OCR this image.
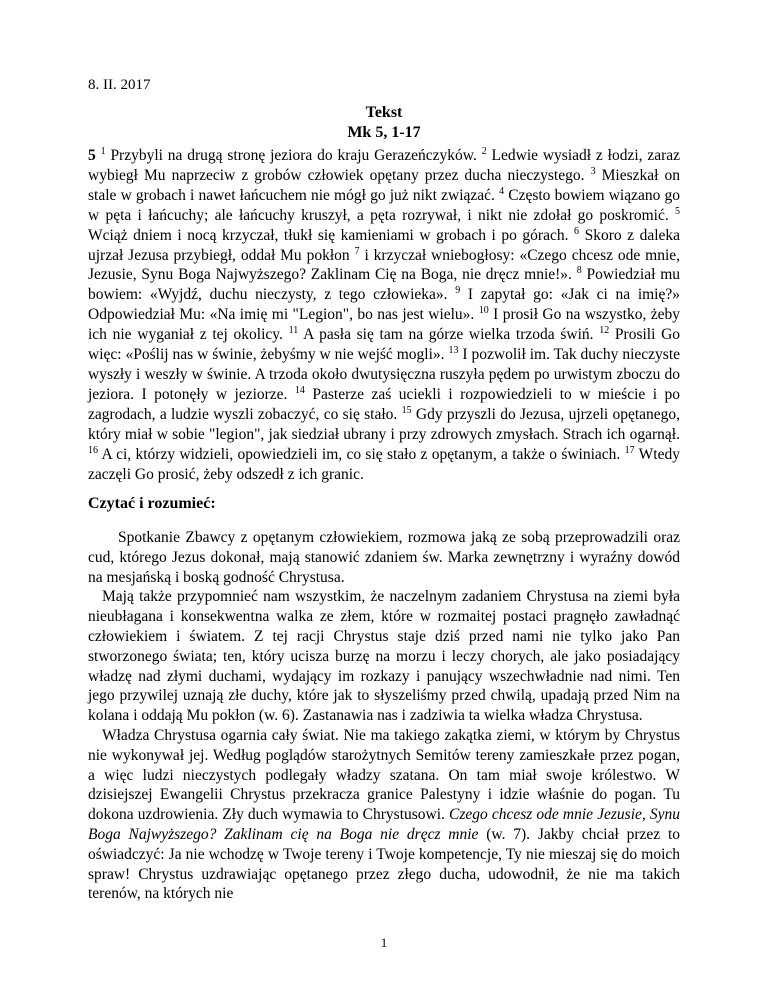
8. II. 2017
Tekst
Mk 5, 1-17
5 $^1$ Przybyli na drugą stronę jeziora do kraju Gerazeńczyków. $^2$ Ledwie wysiadł z łodzi, zaraz wybiegł Mu naprzeciw z grobów człowiek opętany przez ducha nieczystego. $^3$ Mieszkał on stale w grobach i nawet łańcuchem nie mógł go już nikt związać. $^4$ Często bowiem wiązano go w pęta i łańcuchy; ale łańcuchy kruszył, a pęta rozrywał, i nikt nie zdołał go poskromić. $^5$ Wciąż dniem i nocą krzyczał, tłukł się kamieniami w grobach i po górach. $^6$ Skoro z daleka ujrzał Jezusa przybiegł, oddał Mu pokłon $^7$ i krzyczał wniebogłosy: «Czego chcesz ode mnie, Jezusie, Synu Boga Najwyższego? Zaklinam Cię na Boga, nie dręcz mnie!». $^8$ Powiedział mu bowiem: «Wyjdź, duchu nieczysty, z tego człowieka». $^9$ I zapytał go: «Jak ci na imię?» Odpowiedział Mu: «Na imię mi "Legion", bo nas jest wielu». $^{10}$ I prosił Go na wszystko, żeby ich nie wyganiał z tej okolicy. $^{11}$ A pasła się tam na górze wielka trzoda świń. $^{12}$ Prosili Go więc: «Poślij nas w świnie, żebyśmy w nie wejść mogli». $^{13}$ I pozwolił im. Tak duchy nieczyste wyszły i weszły w świnie. A trzoda około dwutysięczna ruszyła pędem po urwistym zboczu do jeziora. I potonęły w jeziorze. $^{14}$ Pasterze zaś uciekli i rozpowiedzieli to w mieście i po zagrodach, a ludzie wyszli zobaczyć, co się stało. $^{15}$ Gdy przyszli do Jezusa, ujrzeli opętanego, który miał w sobie "legion", jak siedział ubrany i przy zdrowych zmysłach. Strach ich ogarnął. $^{16}$ A ci, którzy widzieli, opowiedzieli im, co się stało z opętanym, a także o świniach. $^{17}$ Wtedy zaczęli Go prosić, żeby odszedł z ich granic.
Czytać i rozumieć:

Spotkanie Zbawcy z opętanym człowiekiem, rozmowa jaką ze sobą przeprowadzili oraz cud, którego Jezus dokonał, mają stanowić zdaniem św. Marka zewnętrzny i wyraźny dowód na mesjańską i boską godność Chrystusa.

Mają także przypomnieć nam wszystkim, że naczelnym zadaniem Chrystusa na ziemi była nieubłagana i konsekwentna walka ze złem, które w rozmaitej postaci pragnęło zawładnąć człowiekiem i światem. Z tej racji Chrystus staje dziś przed nami nie tylko jako Pan stworzonego świata; ten, który ucisza burzę na morzu i leczy chorych, ale jako posiadający władzę nad złymi duchami, wydający im rozkazy i panujący wszechwładnie nad nimi. Ten jego przywilej uznają złe duchy, które jak to słyszeliśmy przed chwilą, upadają przed Nim na kolana i oddają Mu pokłon (w. 6). Zastanawia nas i zadziwia ta wielka władza Chrystusa.

Władza Chrystusa ogarnia cały świat. Nie ma takiego zakątka ziemi, w którym by Chrystus nie wykonywał jej. Według poglądów starożytnych Semitów tereny zamieszkałe przez pogan, a więc ludzi nieczystych podlegały władzy szatana. On tam miał swoje królestwo. W dzisiejszej Ewangelii Chrystus przekracza granice Palestyny i idzie właśnie do pogan. Tu dokona uzdrowienia. Zły duch wymawia to Chrystusowi. Czego chcesz ode mnie Jezusie, Synu Boga Najwyższego? Zaklinam cię na Boga nie dręcz mnie (w. 7). Jakby chciał przez to oświadczyć: Ja nie wchodzę w Twoje tereny i Twoje kompetencje, Ty nie mieszaj się do moich spraw! Chrystus uzdrawiając opętanego przez złego ducha, udowodnił, że nie ma takich terenów, na których nie

1
